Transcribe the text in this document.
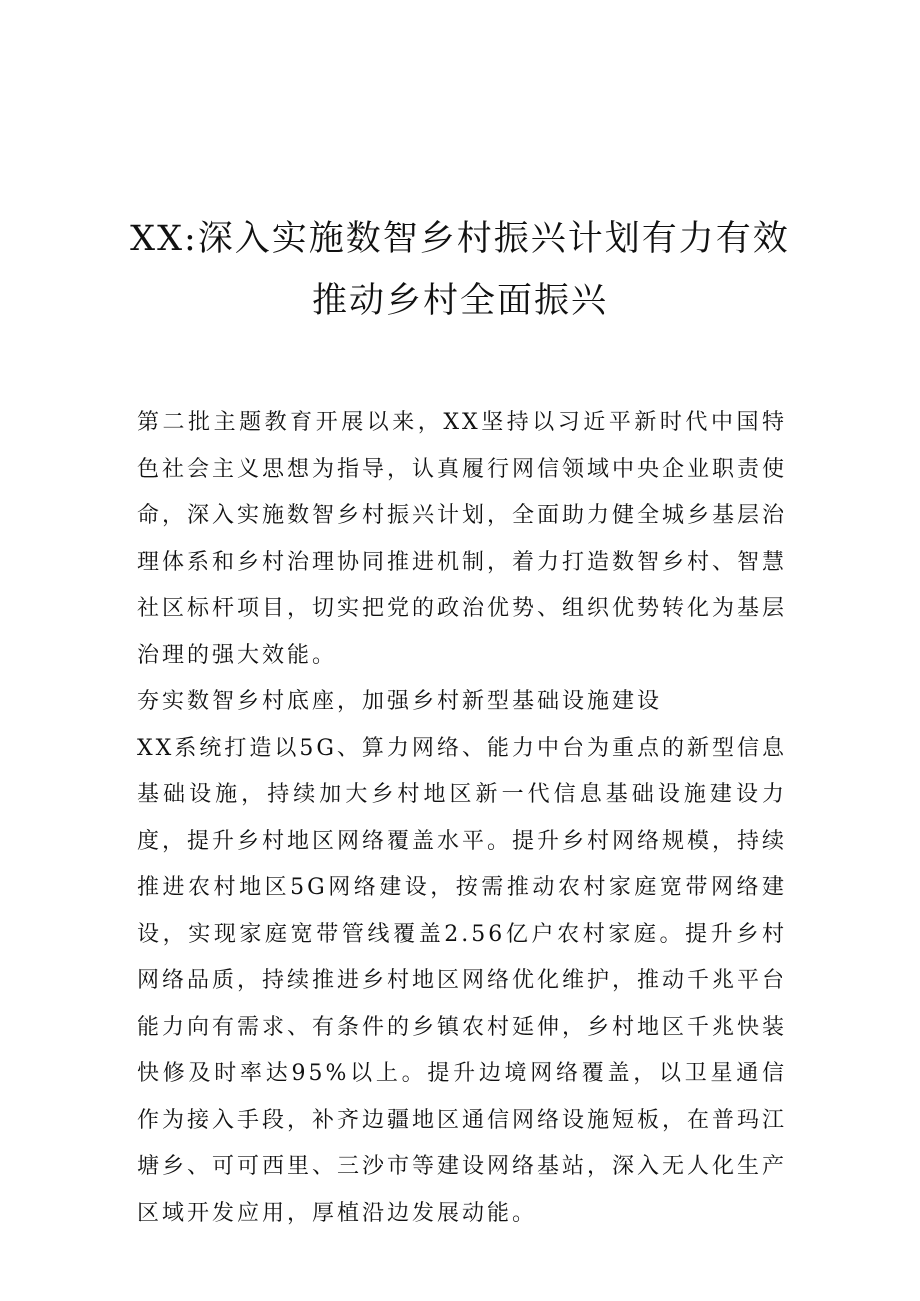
XX:深入实施数智乡村振兴计划有力有效
推动乡村全面振兴

第二批主题教育开展以来，XX坚持以习近平新时代中国特色社会主义思想为指导，认真履行网信领域中央企业职责使命，深入实施数智乡村振兴计划，全面助力健全城乡基层治理体系和乡村治理协同推进机制，着力打造数智乡村、智慧社区标杆项目，切实把党的政治优势、组织优势转化为基层治理的强大效能。

夯实数智乡村底座，加强乡村新型基础设施建设

XX系统打造以5G、算力网络、能力中台为重点的新型信息基础设施，持续加大乡村地区新一代信息基础设施建设力度，提升乡村地区网络覆盖水平。提升乡村网络规模，持续推进农村地区5G网络建设，按需推动农村家庭宽带网络建设，实现家庭宽带管线覆盖2.56亿户农村家庭。提升乡村网络品质，持续推进乡村地区网络优化维护，推动千兆平台能力向有需求、有条件的乡镇农村延伸，乡村地区千兆快装快修及时率达95%以上。提升边境网络覆盖，以卫星通信作为接入手段，补齐边疆地区通信网络设施短板，在普玛江塘乡、可可西里、三沙市等建设网络基站，深入无人化生产区域开发应用，厚植沿边发展动能。
